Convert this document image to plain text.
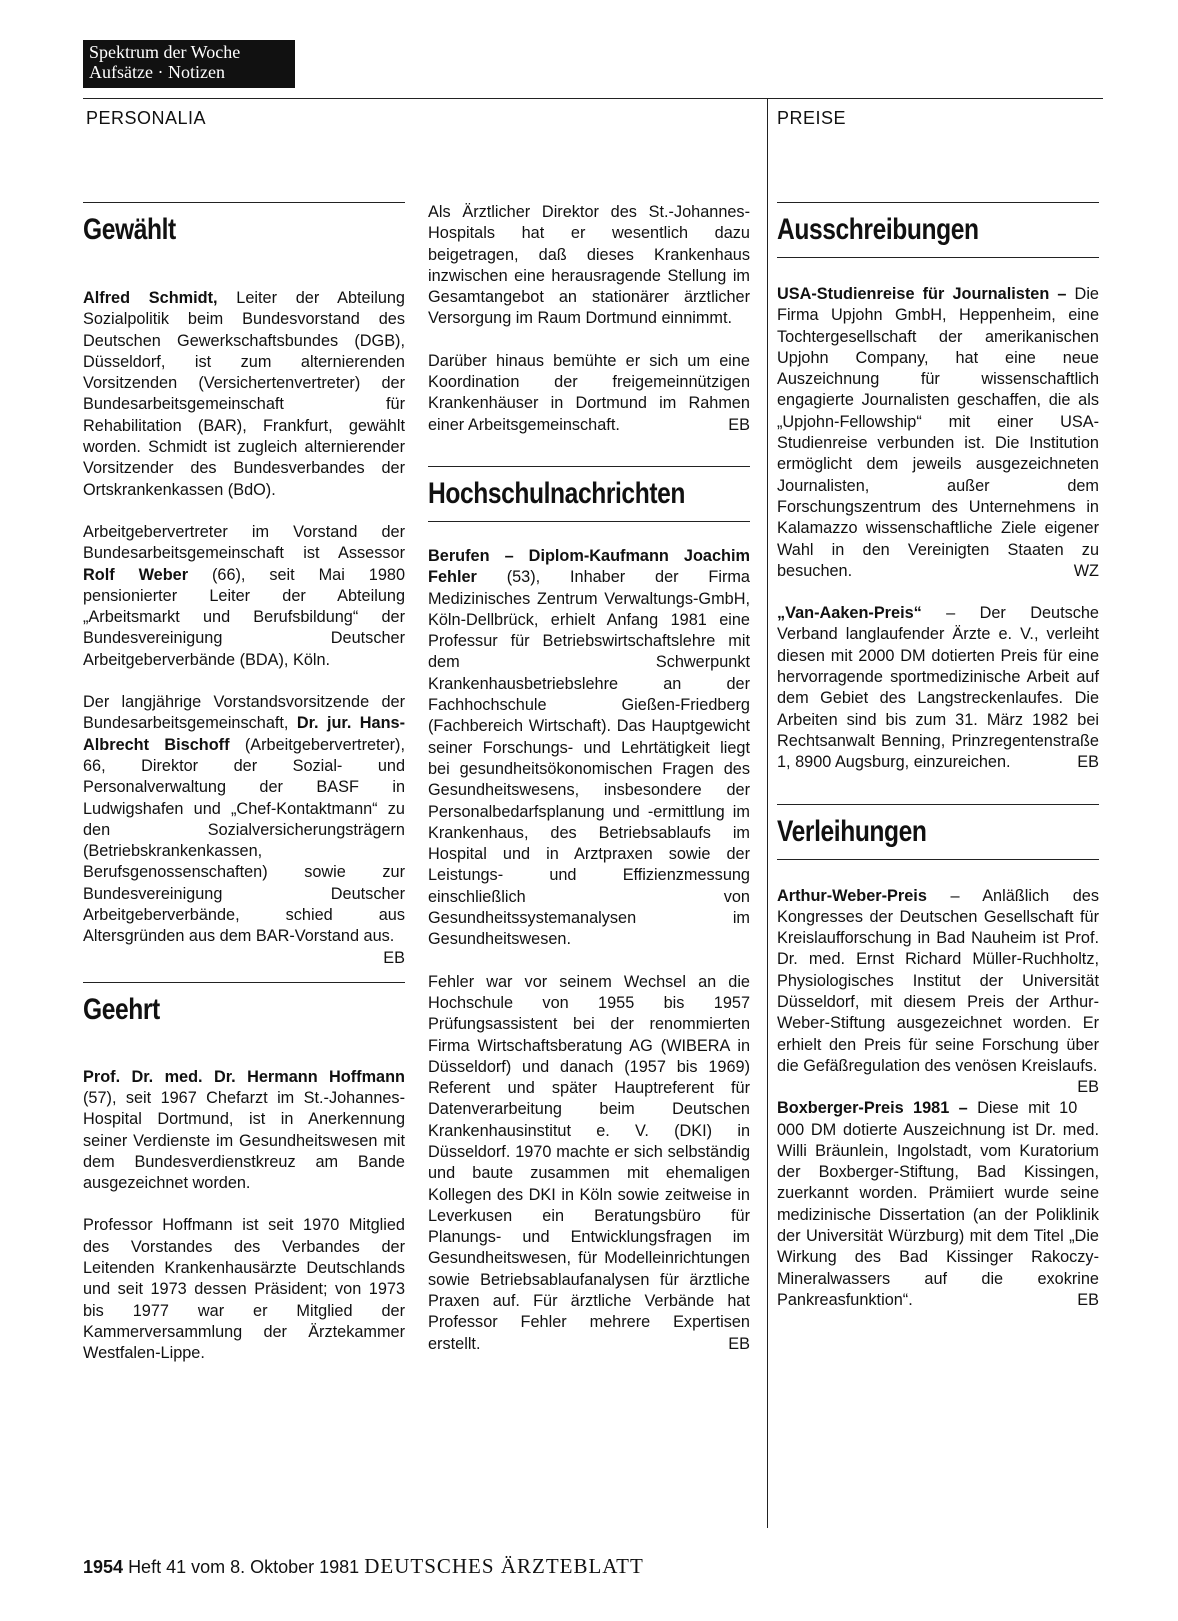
Spektrum der Woche
Aufsätze · Notizen
PERSONALIA	PREISE
Gewählt

Alfred Schmidt, Leiter der Abteilung Sozialpolitik beim Bundesvorstand des Deutschen Gewerkschaftsbundes (DGB), Düsseldorf, ist zum alternierenden Vorsitzenden (Versichertenvertreter) der Bundesarbeitsgemeinschaft für Rehabilitation (BAR), Frankfurt, gewählt worden. Schmidt ist zugleich alternierender Vorsitzender des Bundesverbandes der Ortskrankenkassen (BdO).

Arbeitgebervertreter im Vorstand der Bundesarbeitsgemeinschaft ist Assessor Rolf Weber (66), seit Mai 1980 pensionierter Leiter der Abteilung „Arbeitsmarkt und Berufsbildung“ der Bundesvereinigung Deutscher Arbeitgeberverbände (BDA), Köln.

Der langjährige Vorstandsvorsitzende der Bundesarbeitsgemeinschaft, Dr. jur. Hans-Albrecht Bischoff (Arbeitgebervertreter), 66, Direktor der Sozial- und Personalverwaltung der BASF in Ludwigshafen und „Chef-Kontaktmann“ zu den Sozialversicherungsträgern (Betriebskrankenkassen, Berufsgenossenschaften) sowie zur Bundesvereinigung Deutscher Arbeitgeberverbände, schied aus Altersgründen aus dem BAR-Vorstand aus.
EB

Geehrt

Prof. Dr. med. Dr. Hermann Hoffmann (57), seit 1967 Chefarzt im St.-Johannes-Hospital Dortmund, ist in Anerkennung seiner Verdienste im Gesundheitswesen mit dem Bundesverdienstkreuz am Bande ausgezeichnet worden.

Professor Hoffmann ist seit 1970 Mitglied des Vorstandes des Verbandes der Leitenden Krankenhausärzte Deutschlands und seit 1973 dessen Präsident; von 1973 bis 1977 war er Mitglied der Kammerversammlung der Ärztekammer Westfalen-Lippe.

Als Ärztlicher Direktor des St.-Johannes-Hospitals hat er wesentlich dazu beigetragen, daß dieses Krankenhaus inzwischen eine herausragende Stellung im Gesamtangebot an stationärer ärztlicher Versorgung im Raum Dortmund einnimmt.

Darüber hinaus bemühte er sich um eine Koordination der freigemeinnützigen Krankenhäuser in Dortmund im Rahmen einer Arbeitsgemeinschaft.	EB

Hochschulnachrichten

Berufen – Diplom-Kaufmann Joachim Fehler (53), Inhaber der Firma Medizinisches Zentrum Verwaltungs-GmbH, Köln-Dellbrück, erhielt Anfang 1981 eine Professur für Betriebswirtschaftslehre mit dem Schwerpunkt Krankenhausbetriebslehre an der Fachhochschule Gießen-Friedberg (Fachbereich Wirtschaft). Das Hauptgewicht seiner Forschungs- und Lehrtätigkeit liegt bei gesundheitsökonomischen Fragen des Gesundheitswesens, insbesondere der Personalbedarfsplanung und -ermittlung im Krankenhaus, des Betriebsablaufs im Hospital und in Arztpraxen sowie der Leistungs- und Effizienzmessung einschließlich von Gesundheitssystemanalysen im Gesundheitswesen.

Fehler war vor seinem Wechsel an die Hochschule von 1955 bis 1957 Prüfungsassistent bei der renommierten Firma Wirtschaftsberatung AG (WIBERA in Düsseldorf) und danach (1957 bis 1969) Referent und später Hauptreferent für Datenverarbeitung beim Deutschen Krankenhausinstitut e. V. (DKI) in Düsseldorf. 1970 machte er sich selbständig und baute zusammen mit ehemaligen Kollegen des DKI in Köln sowie zeitweise in Leverkusen ein Beratungsbüro für Planungs- und Entwicklungsfragen im Gesundheitswesen, für Modelleinrichtungen sowie Betriebsablaufanalysen für ärztliche Praxen auf. Für ärztliche Verbände hat Professor Fehler mehrere Expertisen erstellt.	EB

Ausschreibungen

USA-Studienreise für Journalisten – Die Firma Upjohn GmbH, Heppenheim, eine Tochtergesellschaft der amerikanischen Upjohn Company, hat eine neue Auszeichnung für wissenschaftlich engagierte Journalisten geschaffen, die als „Upjohn-Fellowship“ mit einer USA-Studienreise verbunden ist. Die Institution ermöglicht dem jeweils ausgezeichneten Journalisten, außer dem Forschungszentrum des Unternehmens in Kalamazzo wissenschaftliche Ziele eigener Wahl in den Vereinigten Staaten zu besuchen.	WZ

„Van-Aaken-Preis“ – Der Deutsche Verband langlaufender Ärzte e. V., verleiht diesen mit 2000 DM dotierten Preis für eine hervorragende sportmedizinische Arbeit auf dem Gebiet des Langstreckenlaufes. Die Arbeiten sind bis zum 31. März 1982 bei Rechtsanwalt Benning, Prinzregentenstraße 1, 8900 Augsburg, einzureichen.	EB

Verleihungen

Arthur-Weber-Preis – Anläßlich des Kongresses der Deutschen Gesellschaft für Kreislaufforschung in Bad Nauheim ist Prof. Dr. med. Ernst Richard Müller-Ruchholtz, Physiologisches Institut der Universität Düsseldorf, mit diesem Preis der Arthur-Weber-Stiftung ausgezeichnet worden. Er erhielt den Preis für seine Forschung über die Gefäßregulation des venösen Kreislaufs.
EB

Boxberger-Preis 1981 – Diese mit 10 000 DM dotierte Auszeichnung ist Dr. med. Willi Bräunlein, Ingolstadt, vom Kuratorium der Boxberger-Stiftung, Bad Kissingen, zuerkannt worden. Prämiiert wurde seine medizinische Dissertation (an der Poliklinik der Universität Würzburg) mit dem Titel „Die Wirkung des Bad Kissinger Rakoczy-Mineralwassers auf die exokrine Pankreasfunktion“.	EB

1954 Heft 41 vom 8. Oktober 1981 DEUTSCHES ÄRZTEBLATT
